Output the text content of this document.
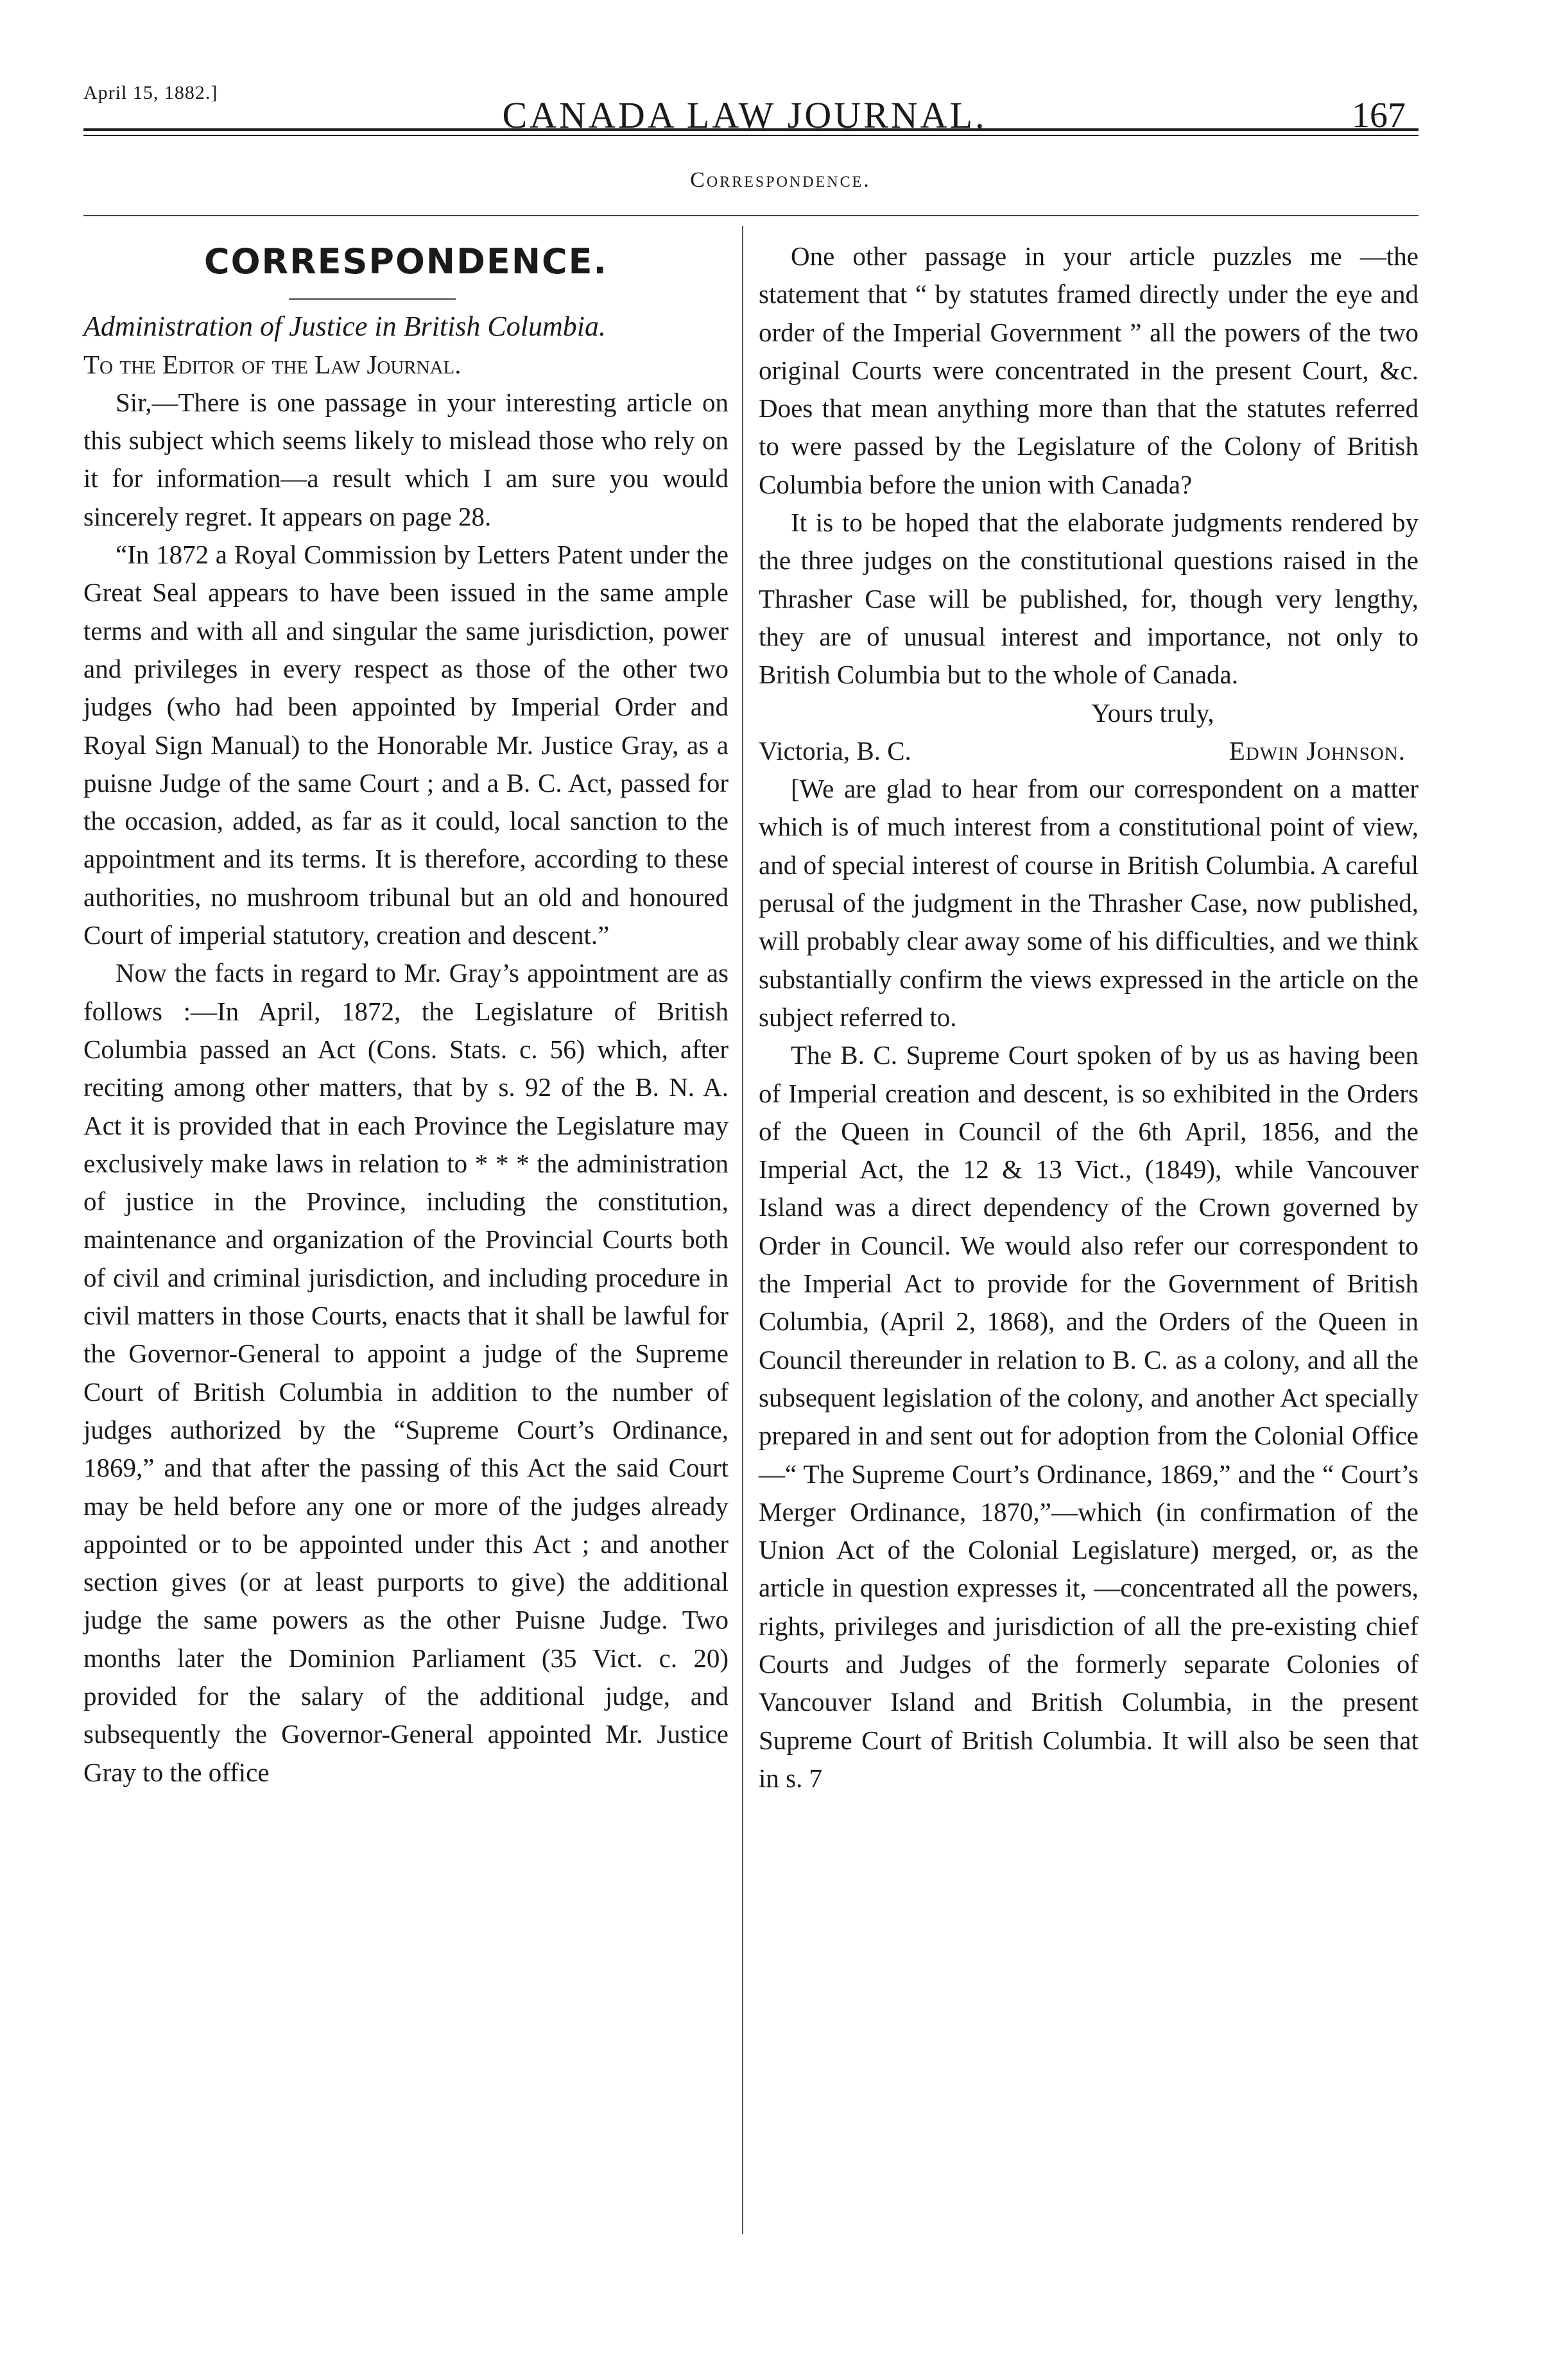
April 15, 1882.]
CANADA LAW JOURNAL.	167
Correspondence.
CORRESPONDENCE.

Administration of Justice in British Columbia.

To the Editor of the Law Journal.

Sir,—There is one passage in your interesting article on this subject which seems likely to mislead those who rely on it for information—a result which I am sure you would sincerely regret. It appears on page 28.

“In 1872 a Royal Commission by Letters Patent under the Great Seal appears to have been issued in the same ample terms and with all and singular the same jurisdiction, power and privileges in every respect as those of the other two judges (who had been appointed by Imperial Order and Royal Sign Manual) to the Honorable Mr. Justice Gray, as a puisne Judge of the same Court ; and a B. C. Act, passed for the occasion, added, as far as it could, local sanction to the appointment and its terms. It is therefore, according to these authorities, no mushroom tribunal but an old and honoured Court of imperial statutory, creation and descent.”

Now the facts in regard to Mr. Gray’s appointment are as follows :—In April, 1872, the Legislature of British Columbia passed an Act (Cons. Stats. c. 56) which, after reciting among other matters, that by s. 92 of the B. N. A. Act it is provided that in each Province the Legislature may exclusively make laws in relation to * * * the administration of justice in the Province, including the constitution, maintenance and organization of the Provincial Courts both of civil and criminal jurisdiction, and including procedure in civil matters in those Courts, enacts that it shall be lawful for the Governor-General to appoint a judge of the Supreme Court of British Columbia in addition to the number of judges authorized by the “Supreme Court’s Ordinance, 1869,” and that after the passing of this Act the said Court may be held before any one or more of the judges already appointed or to be appointed under this Act ; and another section gives (or at least purports to give) the additional judge the same powers as the other Puisne Judge. Two months later the Dominion Parliament (35 Vict. c. 20) provided for the salary of the additional judge, and subsequently the Governor-General appointed Mr. Justice Gray to the office

One other passage in your article puzzles me —the statement that “ by statutes framed directly under the eye and order of the Imperial Government ” all the powers of the two original Courts were concentrated in the present Court, &c. Does that mean anything more than that the statutes referred to were passed by the Legislature of the Colony of British Columbia before the union with Canada?

It is to be hoped that the elaborate judgments rendered by the three judges on the constitutional questions raised in the Thrasher Case will be published, for, though very lengthy, they are of unusual interest and importance, not only to British Columbia but to the whole of Canada.

Yours truly,

Victoria, B. C.	Edwin Johnson.

[We are glad to hear from our correspondent on a matter which is of much interest from a constitutional point of view, and of special interest of course in British Columbia. A careful perusal of the judgment in the Thrasher Case, now published, will probably clear away some of his difficulties, and we think substantially confirm the views expressed in the article on the subject referred to.

The B. C. Supreme Court spoken of by us as having been of Imperial creation and descent, is so exhibited in the Orders of the Queen in Council of the 6th April, 1856, and the Imperial Act, the 12 & 13 Vict., (1849), while Vancouver Island was a direct dependency of the Crown governed by Order in Council. We would also refer our correspondent to the Imperial Act to provide for the Government of British Columbia, (April 2, 1868), and the Orders of the Queen in Council thereunder in relation to B. C. as a colony, and all the subsequent legislation of the colony, and another Act specially prepared in and sent out for adoption from the Colonial Office—“ The Supreme Court’s Ordinance, 1869,” and the “ Court’s Merger Ordinance, 1870,”—which (in confirmation of the Union Act of the Colonial Legislature) merged, or, as the article in question expresses it, —concentrated all the powers, rights, privileges and jurisdiction of all the pre-existing chief Courts and Judges of the formerly separate Colonies of Vancouver Island and British Columbia, in the present Supreme Court of British Columbia. It will also be seen that in s. 7
